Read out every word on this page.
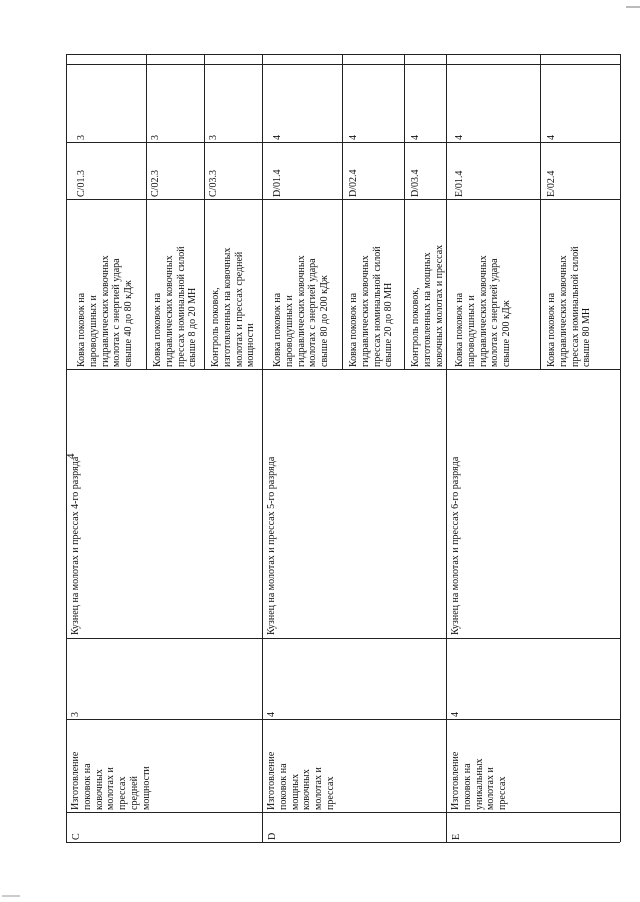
4
C
Изготовление
поковок на
ковочных
молотах и
прессах
средней
мощности
3
Кузнец на молотах и прессах 4-го разряда
Ковка поковок на
пароводушных и
гидравлических ковочных
молотах с энергией удара
свыше 40 до 80 кДж
C/01.3
3
Ковка поковок на
гидравлических ковочных
прессах номинальной силой
свыше 8 до 20 МН
C/02.3
3
Контроль поковок,
изготовленных на ковочных
молотах и прессах средней
мощности
C/03.3
3
D
Изготовление
поковок на
мощных
ковочных
молотах и
прессах
4
Кузнец на молотах и прессах 5-го разряда
Ковка поковок на
пароводушных и
гидравлических ковочных
молотах с энергией удара
свыше 80 до 200 кДж
D/01.4
4
Ковка поковок на
гидравлических ковочных
прессах номинальной силой
свыше 20 до 80 МН
D/02.4
4
Контроль поковок,
изготовленных на мощных
ковочных молотах и прессах
D/03.4
4
E
Изготовление
поковок на
уникальных
молотах и
прессах
4
Кузнец на молотах и прессах 6-го разряда
Ковка поковок на
пароводушных и
гидравлических ковочных
молотах с энергией удара
свыше 200 кДж
E/01.4
4
Ковка поковок на
гидравлических ковочных
прессах номинальной силой
свыше 80 МН
E/02.4
4
